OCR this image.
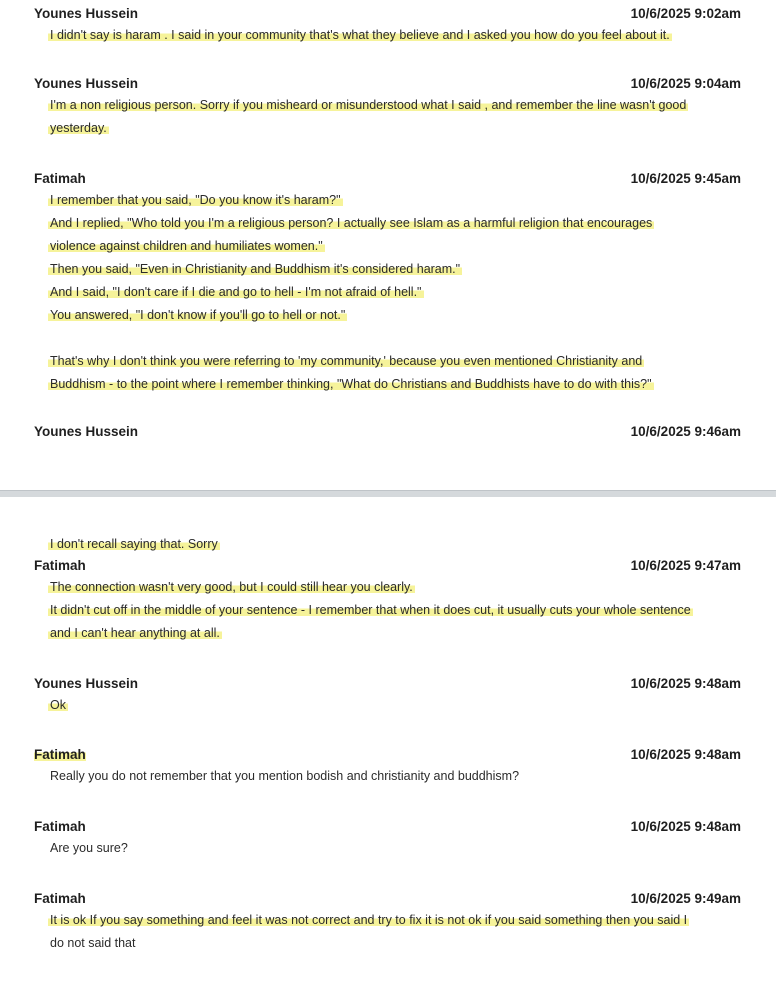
Younes Hussein	10/6/2025 9:02am

I didn't say is haram . I said in your community that's what they believe and I asked you how do you feel about it.

Younes Hussein	10/6/2025 9:04am

I'm a non religious person. Sorry if you misheard or misunderstood what I said , and remember the line wasn't good

yesterday.

Fatimah	10/6/2025 9:45am

I remember that you said, "Do you know it's haram?"

And I replied, "Who told you I'm a religious person? I actually see Islam as a harmful religion that encourages

violence against children and humiliates women."

Then you said, "Even in Christianity and Buddhism it's considered haram."

And I said, "I don't care if I die and go to hell - I'm not afraid of hell."

You answered, "I don't know if you'll go to hell or not."

That's why I don't think you were referring to 'my community,' because you even mentioned Christianity and

Buddhism - to the point where I remember thinking, "What do Christians and Buddhists have to do with this?"

Younes Hussein	10/6/2025 9:46am

I don't recall saying that. Sorry

Fatimah	10/6/2025 9:47am

The connection wasn't very good, but I could still hear you clearly.

It didn't cut off in the middle of your sentence - I remember that when it does cut, it usually cuts your whole sentence

and I can't hear anything at all.

Younes Hussein	10/6/2025 9:48am

Ok

Fatimah	10/6/2025 9:48am

Really you do not remember that you mention bodish and christianity and buddhism?

Fatimah	10/6/2025 9:48am

Are you sure?

Fatimah	10/6/2025 9:49am

It is ok If you say something and feel it was not correct and try to fix it is not ok if you said something then you said I

do not said that
